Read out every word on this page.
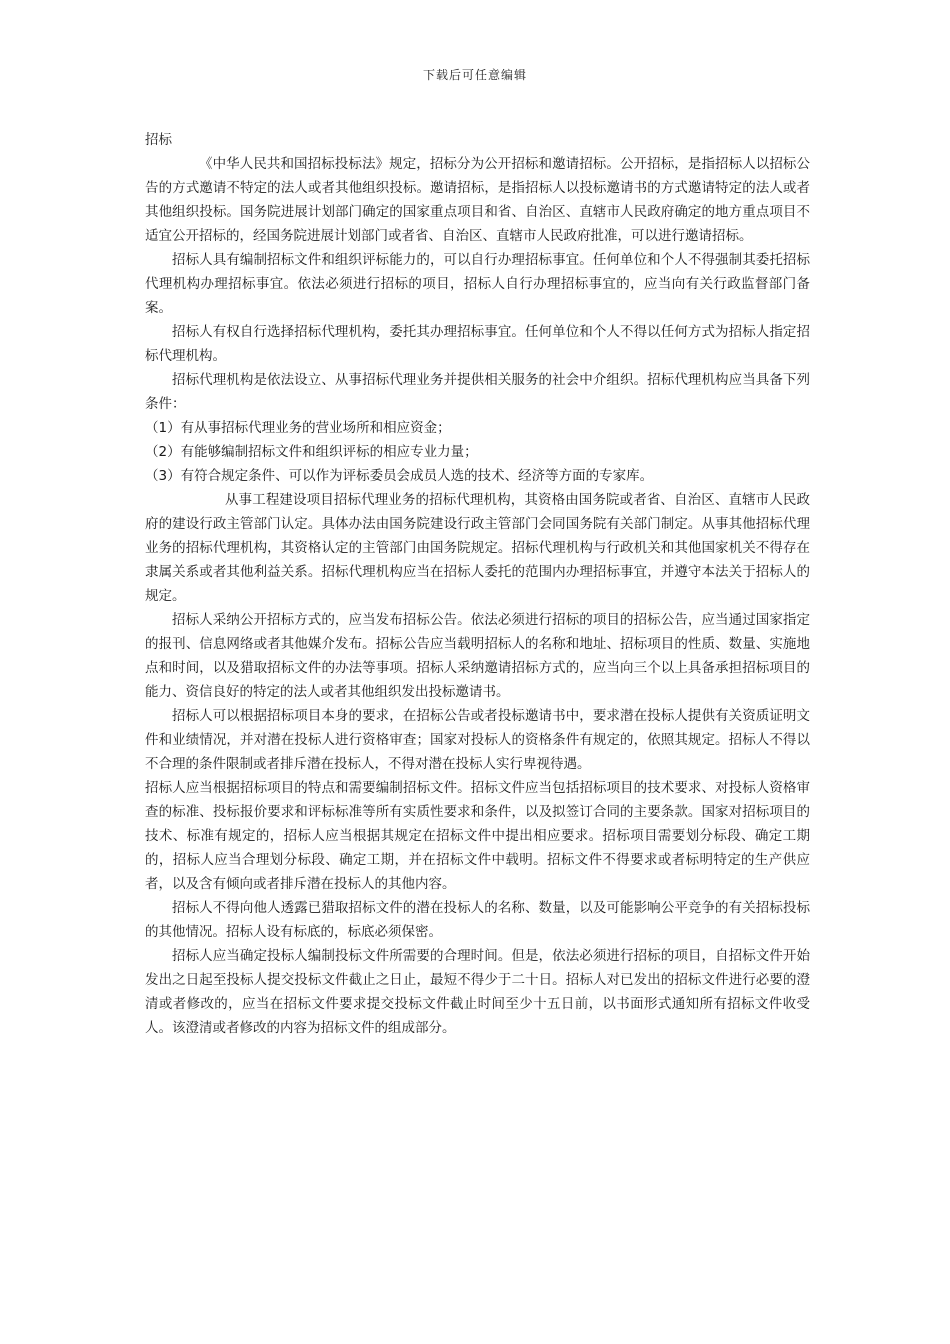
下载后可任意编辑

招标

《中华人民共和国招标投标法》规定，招标分为公开招标和邀请招标。公开招标，是指招标人以招标公告的方式邀请不特定的法人或者其他组织投标。邀请招标，是指招标人以投标邀请书的方式邀请特定的法人或者其他组织投标。国务院进展计划部门确定的国家重点项目和省、自治区、直辖市人民政府确定的地方重点项目不适宜公开招标的，经国务院进展计划部门或者省、自治区、直辖市人民政府批准，可以进行邀请招标。

招标人具有编制招标文件和组织评标能力的，可以自行办理招标事宜。任何单位和个人不得强制其委托招标代理机构办理招标事宜。依法必须进行招标的项目，招标人自行办理招标事宜的，应当向有关行政监督部门备案。

招标人有权自行选择招标代理机构，委托其办理招标事宜。任何单位和个人不得以任何方式为招标人指定招标代理机构。

招标代理机构是依法设立、从事招标代理业务并提供相关服务的社会中介组织。招标代理机构应当具备下列条件：

（1）有从事招标代理业务的营业场所和相应资金；

（2）有能够编制招标文件和组织评标的相应专业力量；

（3）有符合规定条件、可以作为评标委员会成员人选的技术、经济等方面的专家库。

从事工程建设项目招标代理业务的招标代理机构，其资格由国务院或者省、自治区、直辖市人民政府的建设行政主管部门认定。具体办法由国务院建设行政主管部门会同国务院有关部门制定。从事其他招标代理业务的招标代理机构，其资格认定的主管部门由国务院规定。招标代理机构与行政机关和其他国家机关不得存在隶属关系或者其他利益关系。招标代理机构应当在招标人委托的范围内办理招标事宜，并遵守本法关于招标人的规定。

招标人采纳公开招标方式的，应当发布招标公告。依法必须进行招标的项目的招标公告，应当通过国家指定的报刊、信息网络或者其他媒介发布。招标公告应当载明招标人的名称和地址、招标项目的性质、数量、实施地点和时间，以及猎取招标文件的办法等事项。招标人采纳邀请招标方式的，应当向三个以上具备承担招标项目的能力、资信良好的特定的法人或者其他组织发出投标邀请书。

招标人可以根据招标项目本身的要求，在招标公告或者投标邀请书中，要求潜在投标人提供有关资质证明文件和业绩情况，并对潜在投标人进行资格审查；国家对投标人的资格条件有规定的，依照其规定。招标人不得以不合理的条件限制或者排斥潜在投标人，不得对潜在投标人实行卑视待遇。

招标人应当根据招标项目的特点和需要编制招标文件。招标文件应当包括招标项目的技术要求、对投标人资格审查的标准、投标报价要求和评标标准等所有实质性要求和条件，以及拟签订合同的主要条款。国家对招标项目的技术、标准有规定的，招标人应当根据其规定在招标文件中提出相应要求。招标项目需要划分标段、确定工期的，招标人应当合理划分标段、确定工期，并在招标文件中载明。招标文件不得要求或者标明特定的生产供应者，以及含有倾向或者排斥潜在投标人的其他内容。

招标人不得向他人透露已猎取招标文件的潜在投标人的名称、数量，以及可能影响公平竞争的有关招标投标的其他情况。招标人设有标底的，标底必须保密。

招标人应当确定投标人编制投标文件所需要的合理时间。但是，依法必须进行招标的项目，自招标文件开始发出之日起至投标人提交投标文件截止之日止，最短不得少于二十日。招标人对已发出的招标文件进行必要的澄清或者修改的，应当在招标文件要求提交投标文件截止时间至少十五日前，以书面形式通知所有招标文件收受人。该澄清或者修改的内容为招标文件的组成部分。
